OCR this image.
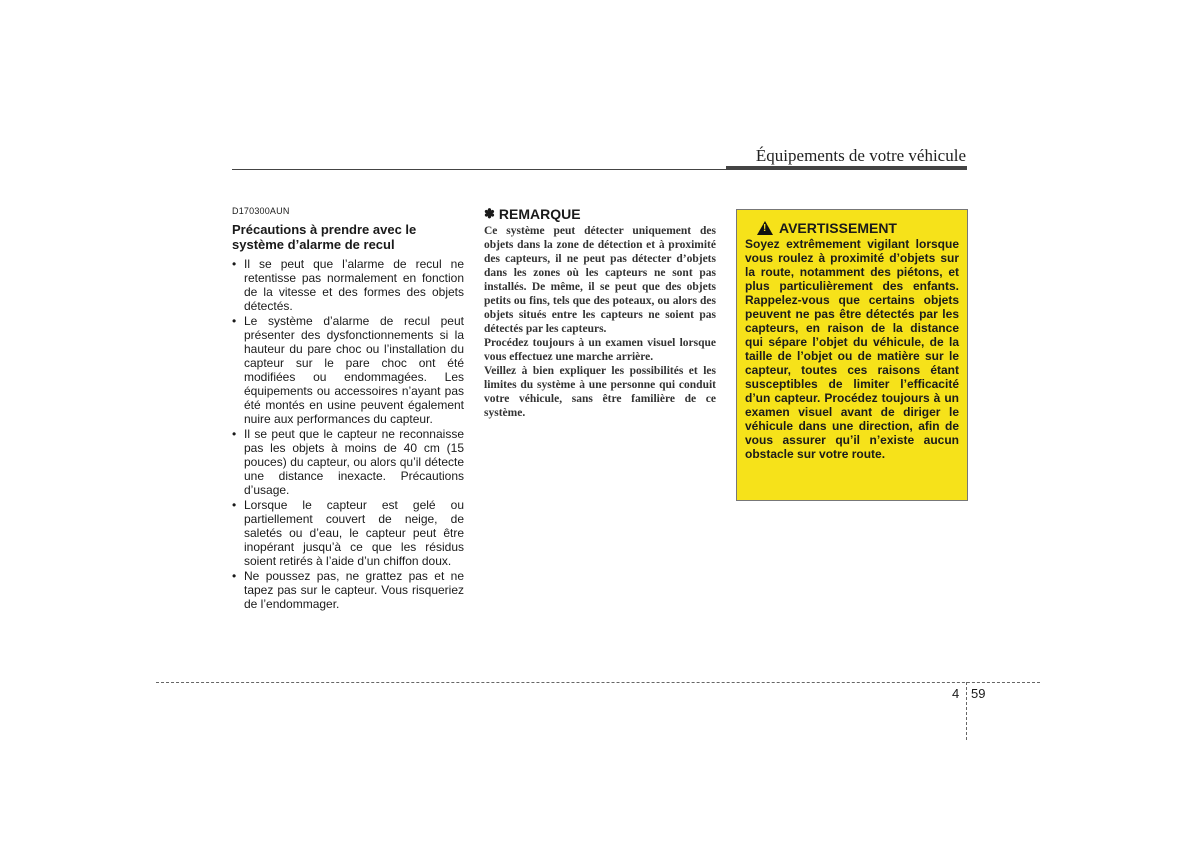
Équipements de votre véhicule

D170300AUN

Précautions à prendre avec le système d’alarme de recul

• Il se peut que l’alarme de recul ne retentisse pas normalement en fonction de la vitesse et des formes des objets détectés.
• Le système d’alarme de recul peut présenter des dysfonctionnements si la hauteur du pare choc ou l’installation du capteur sur le pare choc ont été modifiées ou endommagées. Les équipements ou accessoires n’ayant pas été montés en usine peuvent également nuire aux performances du capteur.
• Il se peut que le capteur ne reconnaisse pas les objets à moins de 40 cm (15 pouces) du capteur, ou alors qu’il détecte une distance inexacte. Précautions d’usage.
• Lorsque le capteur est gelé ou partiellement couvert de neige, de saletés ou d’eau, le capteur peut être inopérant jusqu’à ce que les résidus soient retirés à l’aide d’un chiffon doux.
• Ne poussez pas, ne grattez pas et ne tapez pas sur le capteur. Vous risqueriez de l’endommager.

✽ REMARQUE

Ce système peut détecter uniquement des objets dans la zone de détection et à proximité des capteurs, il ne peut pas détecter d’objets dans les zones où les capteurs ne sont pas installés. De même, il se peut que des objets petits ou fins, tels que des poteaux, ou alors des objets situés entre les capteurs ne soient pas détectés par les capteurs.

Procédez toujours à un examen visuel lorsque vous effectuez une marche arrière.

Veillez à bien expliquer les possibilités et les limites du système à une personne qui conduit votre véhicule, sans être familière de ce système.

! AVERTISSEMENT

Soyez extrêmement vigilant lorsque vous roulez à proximité d’objets sur la route, notamment des piétons, et plus particulièrement des enfants. Rappelez-vous que certains objets peuvent ne pas être détectés par les capteurs, en raison de la distance qui sépare l’objet du véhicule, de la taille de l’objet ou de matière sur le capteur, toutes ces raisons étant susceptibles de limiter l’efficacité d’un capteur. Procédez toujours à un examen visuel avant de diriger le véhicule dans une direction, afin de vous assurer qu’il n’existe aucun obstacle sur votre route.

4 59
